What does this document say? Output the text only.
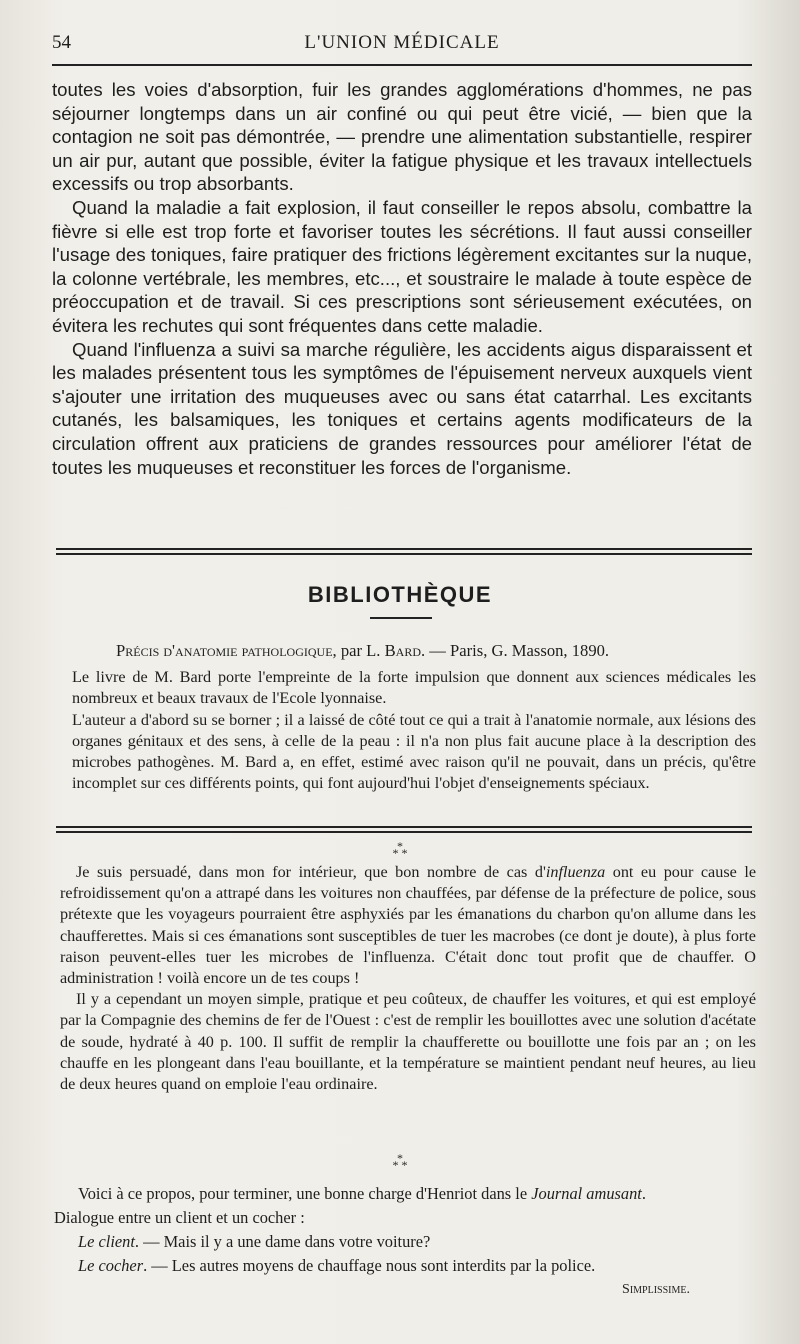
54	L'UNION MÉDICALE

toutes les voies d'absorption, fuir les grandes agglomérations d'hommes, ne pas séjourner longtemps dans un air confiné ou qui peut être vicié, — bien que la contagion ne soit pas démontrée, — prendre une alimentation substantielle, respirer un air pur, autant que possible, éviter la fatigue physique et les travaux intellectuels excessifs ou trop absorbants.

Quand la maladie a fait explosion, il faut conseiller le repos absolu, combattre la fièvre si elle est trop forte et favoriser toutes les sécrétions. Il faut aussi conseiller l'usage des toniques, faire pratiquer des frictions légèrement excitantes sur la nuque, la colonne vertébrale, les membres, etc..., et soustraire le malade à toute espèce de préoccupation et de travail. Si ces prescriptions sont sérieusement exécutées, on évitera les rechutes qui sont fréquentes dans cette maladie.

Quand l'influenza a suivi sa marche régulière, les accidents aigus disparaissent et les malades présentent tous les symptômes de l'épuisement nerveux auxquels vient s'ajouter une irritation des muqueuses avec ou sans état catarrhal. Les excitants cutanés, les balsamiques, les toniques et certains agents modificateurs de la circulation offrent aux praticiens de grandes ressources pour améliorer l'état de toutes les muqueuses et reconstituer les forces de l'organisme.

BIBLIOTHÈQUE

Précis d'anatomie pathologique, par L. Bard. — Paris, G. Masson, 1890.

Le livre de M. Bard porte l'empreinte de la forte impulsion que donnent aux sciences médicales les nombreux et beaux travaux de l'Ecole lyonnaise.

L'auteur a d'abord su se borner ; il a laissé de côté tout ce qui a trait à l'anatomie normale, aux lésions des organes génitaux et des sens, à celle de la peau : il n'a non plus fait aucune place à la description des microbes pathogènes. M. Bard a, en effet, estimé avec raison qu'il ne pouvait, dans un précis, qu'être incomplet sur ces différents points, qui font aujourd'hui l'objet d'enseignements spéciaux.

*
* *

Je suis persuadé, dans mon for intérieur, que bon nombre de cas d'influenza ont eu pour cause le refroidissement qu'on a attrapé dans les voitures non chauffées, par défense de la préfecture de police, sous prétexte que les voyageurs pourraient être asphyxiés par les émanations du charbon qu'on allume dans les chaufferettes. Mais si ces émanations sont susceptibles de tuer les macrobes (ce dont je doute), à plus forte raison peuvent-elles tuer les microbes de l'influenza. C'était donc tout profit que de chauffer. O administration ! voilà encore un de tes coups !

Il y a cependant un moyen simple, pratique et peu coûteux, de chauffer les voitures, et qui est employé par la Compagnie des chemins de fer de l'Ouest : c'est de remplir les bouillottes avec une solution d'acétate de soude, hydraté à 40 p. 100. Il suffit de remplir la chaufferette ou bouillotte une fois par an ; on les chauffe en les plongeant dans l'eau bouillante, et la température se maintient pendant neuf heures, au lieu de deux heures quand on emploie l'eau ordinaire.

*
* *

Voici à ce propos, pour terminer, une bonne charge d'Henriot dans le Journal amusant.

Dialogue entre un client et un cocher :

Le client. — Mais il y a une dame dans votre voiture?

Le cocher. — Les autres moyens de chauffage nous sont interdits par la police.

Simplissime.
